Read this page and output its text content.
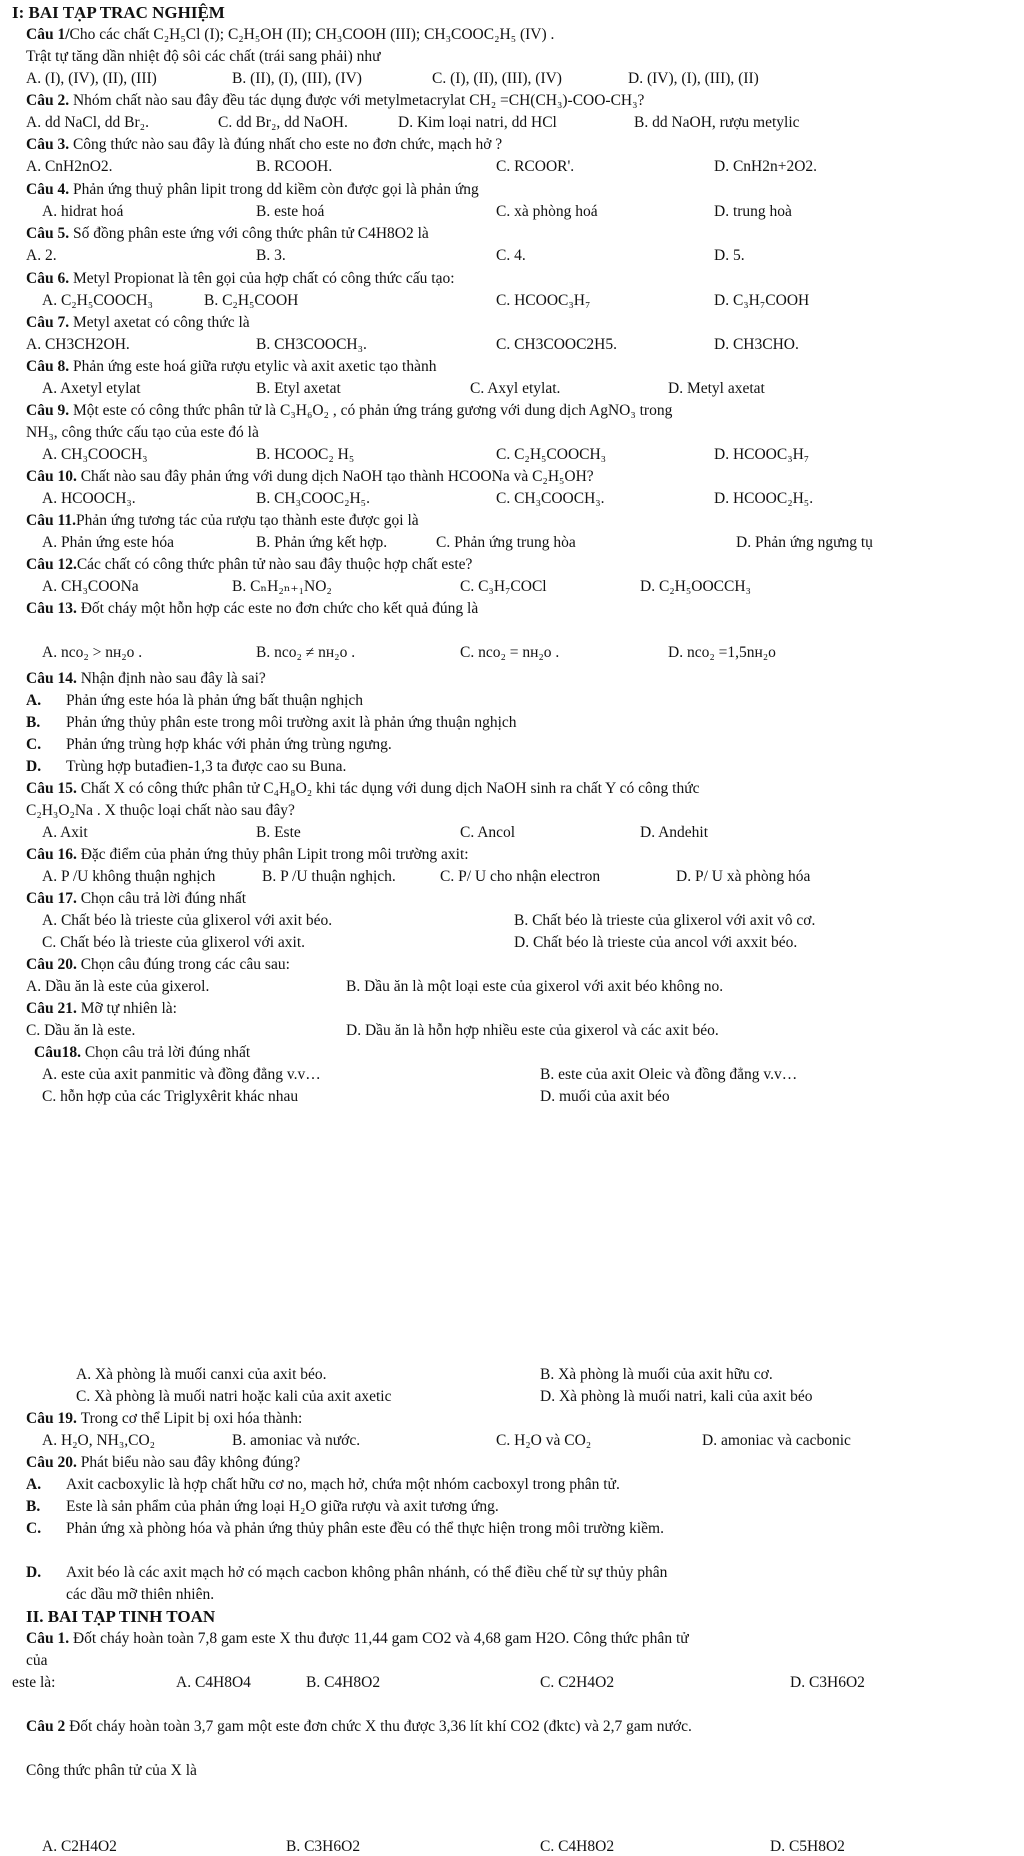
I: BAI TẠP TRAC NGHIỆM
Câu 1/Cho các chất C₂H₅Cl (I); C₂H₅OH (II); CH₃COOH (III); CH₃COOC₂H₅ (IV) .
Trật tự tăng dần nhiệt độ sôi các chất (trái sang phải) như
Câu 2. Nhóm chất nào sau đây đều tác dụng được với metylmetacrylat CH₂ =CH(CH₃)-COO-CH₃?
Câu 3. Công thức nào sau đây là đúng nhất cho este no đơn chức, mạch hở ?
Câu 4. Phản ứng thuỷ phân lipit trong dd kiềm còn được gọi là phản ứng
Câu 5. Số đồng phân este ứng với công thức phân tử C4H8O2 là
Câu 6. Metyl Propionat là tên gọi của hợp chất có công thức cấu tạo:
Câu 7. Metyl axetat có công thức là
Câu 8. Phản ứng este hoá giữa rượu etylic và axit axetic tạo thành
Câu 9. Một este có công thức phân tử là C₃H₆O₂ , có phản ứng tráng gương với dung dịch AgNO₃ trong
NH₃, công thức cấu tạo của este đó là
Câu 10. Chất nào sau đây phản ứng với dung dịch NaOH tạo thành HCOONa và C₂H₅OH?
Câu 11.Phản ứng tương tác của rượu tạo thành este được gọi là
Câu 12.Các chất có công thức phân tử nào sau đây thuộc hợp chất este?
Câu 13. Đốt cháy một hỗn hợp các este no đơn chức cho kết quả đúng là
Câu 14. Nhận định nào sau đây là sai?
Câu 15. Chất X có công thức phân tử C₄H₈O₂ khi tác dụng với dung dịch NaOH sinh ra chất Y có công thức
C₂H₃O₂Na . X thuộc loại chất nào sau đây?
Câu 16. Đặc điểm của phản ứng thủy phân Lipit trong môi trường axit:
Câu 17. Chọn câu trả lời đúng nhất
Câu 20. Chọn câu đúng trong các câu sau:
Câu 21. Mỡ tự nhiên là:
Câu18. Chọn câu trả lời đúng nhất
Câu 19. Trong cơ thể Lipit bị oxi hóa thành:
Câu 20. Phát biểu nào sau đây không đúng?
các dầu mỡ thiên nhiên.
II. BAI TẠP TINH TOAN
Câu 1. Đốt cháy hoàn toàn 7,8 gam este X thu được 11,44 gam CO2 và 4,68 gam H2O. Công thức phân tử
của
Câu 2 Đốt cháy hoàn toàn 3,7 gam một este đơn chức X thu được 3,36 lít khí CO2 (đktc) và 2,7 gam nước.
Công thức phân tử của X là
A. (I), (IV), (II), (III)	B. (II), (I), (III), (IV)	C. (I), (II), (III), (IV)	D. (IV), (I), (III), (II)
A. dd NaCl, dd Br₂.	C. dd Br₂, dd NaOH.	D. Kim loại natri, dd HCl	B. dd NaOH, rượu metylic
A. CnH2nO2.	B. RCOOH.	C. RCOOR'.	D. CnH2n+2O2.
A. hidrat hoá	B. este hoá	C. xà phòng hoá	D. trung hoà
A. 2.	B. 3.	C. 4.	D. 5.
A. C₂H₅COOCH₃	B. C₂H₅COOH	C. HCOOC₃H₇	D. C₃H₇COOH
A. CH3CH2OH.	B. CH3COOCH₃.	C. CH3COOC2H5.	D. CH3CHO.
A. Axetyl etylat	B. Etyl axetat	C. Axyl etylat.	D. Metyl axetat
A. CH₃COOCH₃	B. HCOOC₂ H₅	C. C₂H₅COOCH₃	D. HCOOC₃H₇
A. HCOOCH₃.	B. CH₃COOC₂H₅.	C. CH₃COOCH₃.	D. HCOOC₂H₅.
A. Phản ứng este hóa	B. Phản ứng kết hợp.	C. Phản ứng trung hòa	D. Phản ứng ngưng tụ
A. CH₃COONa	B. CₙH₂ₙ₊₁NO₂	C. C₃H₇COCl	D. C₂H₅OOCCH₃
A. nco₂ > nн₂o .	B. nco₂ ≠ nн₂o .	C. nco₂ = nн₂o .	D. nco₂ =1,5nн₂o
A. Axit	B. Este	C. Ancol	D. Andehit
A. P /U không thuận nghịch	B. P /U thuận nghịch.	C. P/ U cho nhận electron	D. P/ U xà phòng hóa
A. Chất béo là trieste của glixerol với axit béo.	B. Chất béo là trieste của glixerol với axit vô cơ.
C. Chất béo là trieste của glixerol với axit.	D. Chất béo là trieste của ancol với axxit béo.
A. Dầu ăn là este của gixerol.	B. Dầu ăn là một loại este của gixerol với axit béo không no.
C. Dầu ăn là este.	D. Dầu ăn là hỗn hợp nhiều este của gixerol và các axit béo.
A. este của axit panmitic và đồng đẳng v.v…	B. este của axit Oleic và đồng đẳng v.v…
C. hỗn hợp của các Triglyxêrit khác nhau	D. muối của axit béo
A. Xà phòng là muối canxi của axit béo.	B. Xà phòng là muối của axit hữu cơ.
C. Xà phòng là muối natri hoặc kali của axit axetic	D. Xà phòng là muối natri, kali của axit béo
A. H₂O, NH₃,CO₂	B. amoniac và nước.	C. H₂O và CO₂	D. amoniac và cacbonic
este là:	A. C4H8O4	B. C4H8O2	C. C2H4O2	D. C3H6O2
A. C2H4O2	B. C3H6O2	C. C4H8O2	D. C5H8O2
A. Phản ứng este hóa là phản ứng bất thuận nghịch
B. Phản ứng thủy phân este trong môi trường axit là phản ứng thuận nghịch
C. Phản ứng trùng hợp khác với phản ứng trùng ngưng.
D. Trùng hợp butađien-1,3 ta được cao su Buna.
A. Axit cacboxylic là hợp chất hữu cơ no, mạch hở, chứa một nhóm cacboxyl trong phân tử.
B. Este là sản phẩm của phản ứng loại H₂O giữa rượu và axit tương ứng.
C. Phản ứng xà phòng hóa và phản ứng thủy phân este đều có thể thực hiện trong môi trường kiềm.
D. Axit béo là các axit mạch hở có mạch cacbon không phân nhánh, có thể điều chế từ sự thủy phân
